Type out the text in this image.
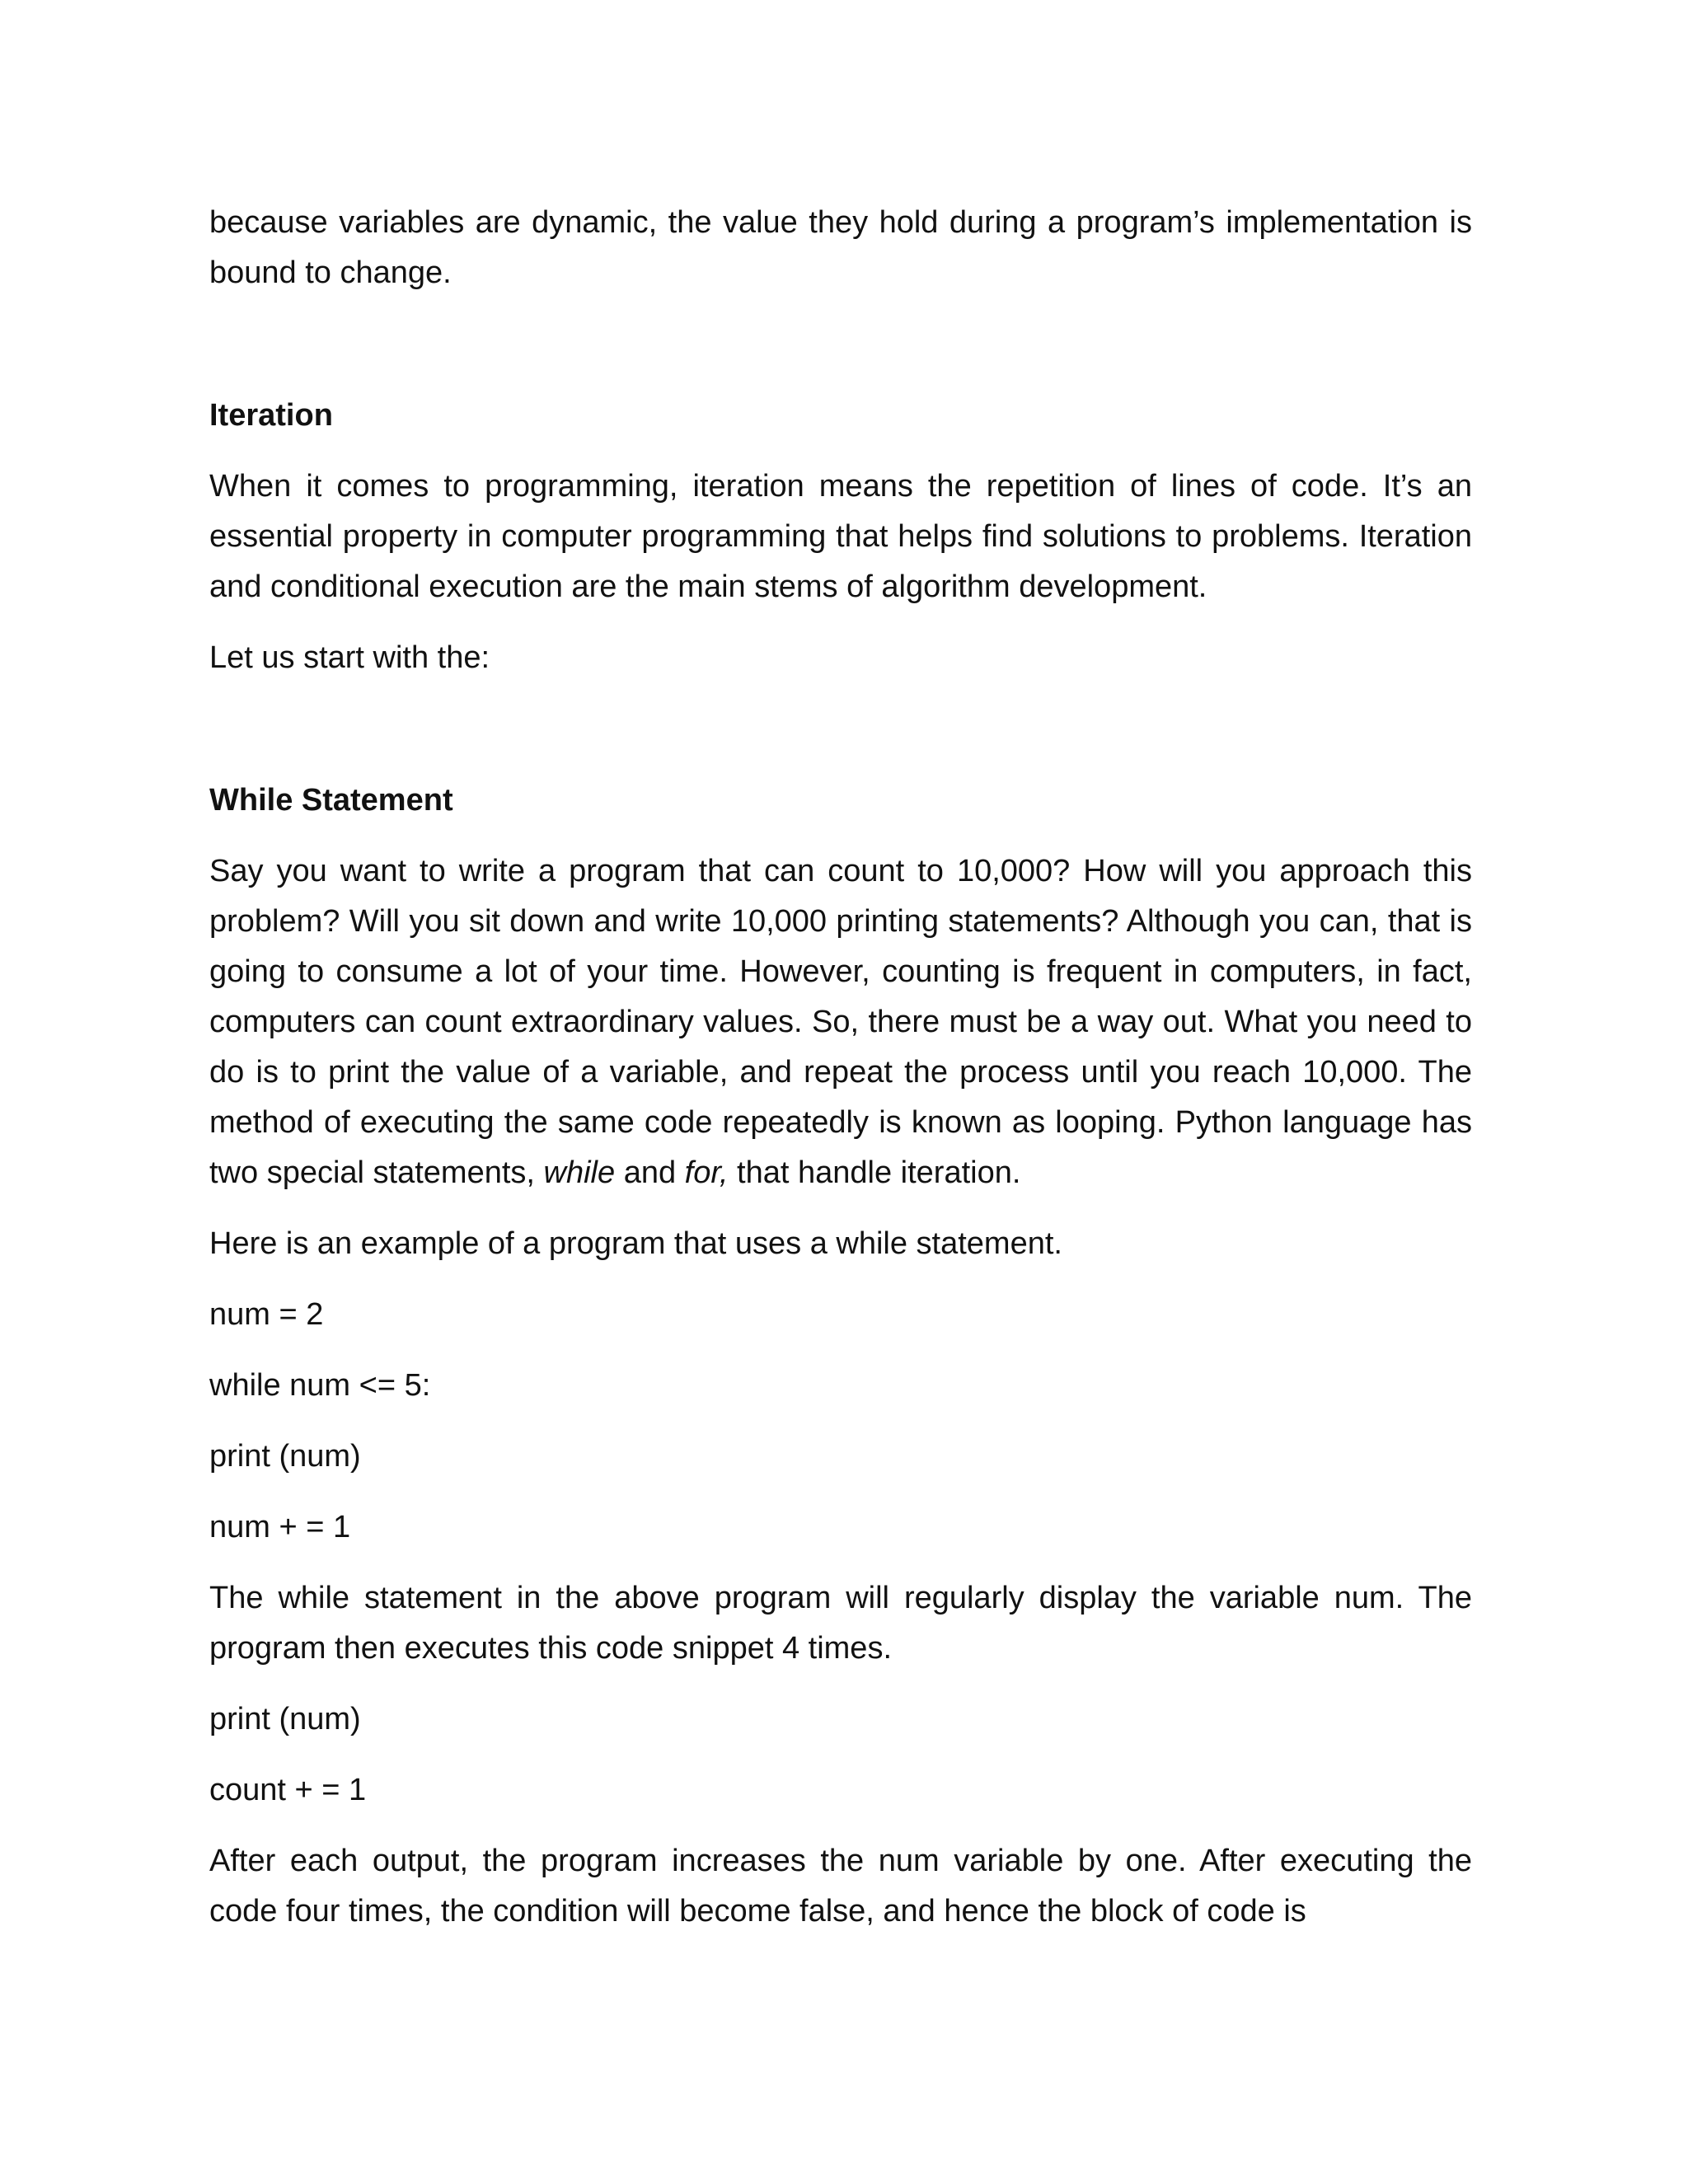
because variables are dynamic, the value they hold during a program’s implementation is bound to change.

Iteration

When it comes to programming, iteration means the repetition of lines of code. It’s an essential property in computer programming that helps find solutions to problems. Iteration and conditional execution are the main stems of algorithm development.

Let us start with the:

While Statement

Say you want to write a program that can count to 10,000? How will you approach this problem? Will you sit down and write 10,000 printing statements? Although you can, that is going to consume a lot of your time. However, counting is frequent in computers, in fact, computers can count extraordinary values. So, there must be a way out. What you need to do is to print the value of a variable, and repeat the process until you reach 10,000. The method of executing the same code repeatedly is known as looping. Python language has two special statements, while and for, that handle iteration.

Here is an example of a program that uses a while statement.

num = 2

while num <= 5:

print (num)

num + = 1

The while statement in the above program will regularly display the variable num. The program then executes this code snippet 4 times.

print (num)

count + = 1

After each output, the program increases the num variable by one. After executing the code four times, the condition will become false, and hence the block of code is
